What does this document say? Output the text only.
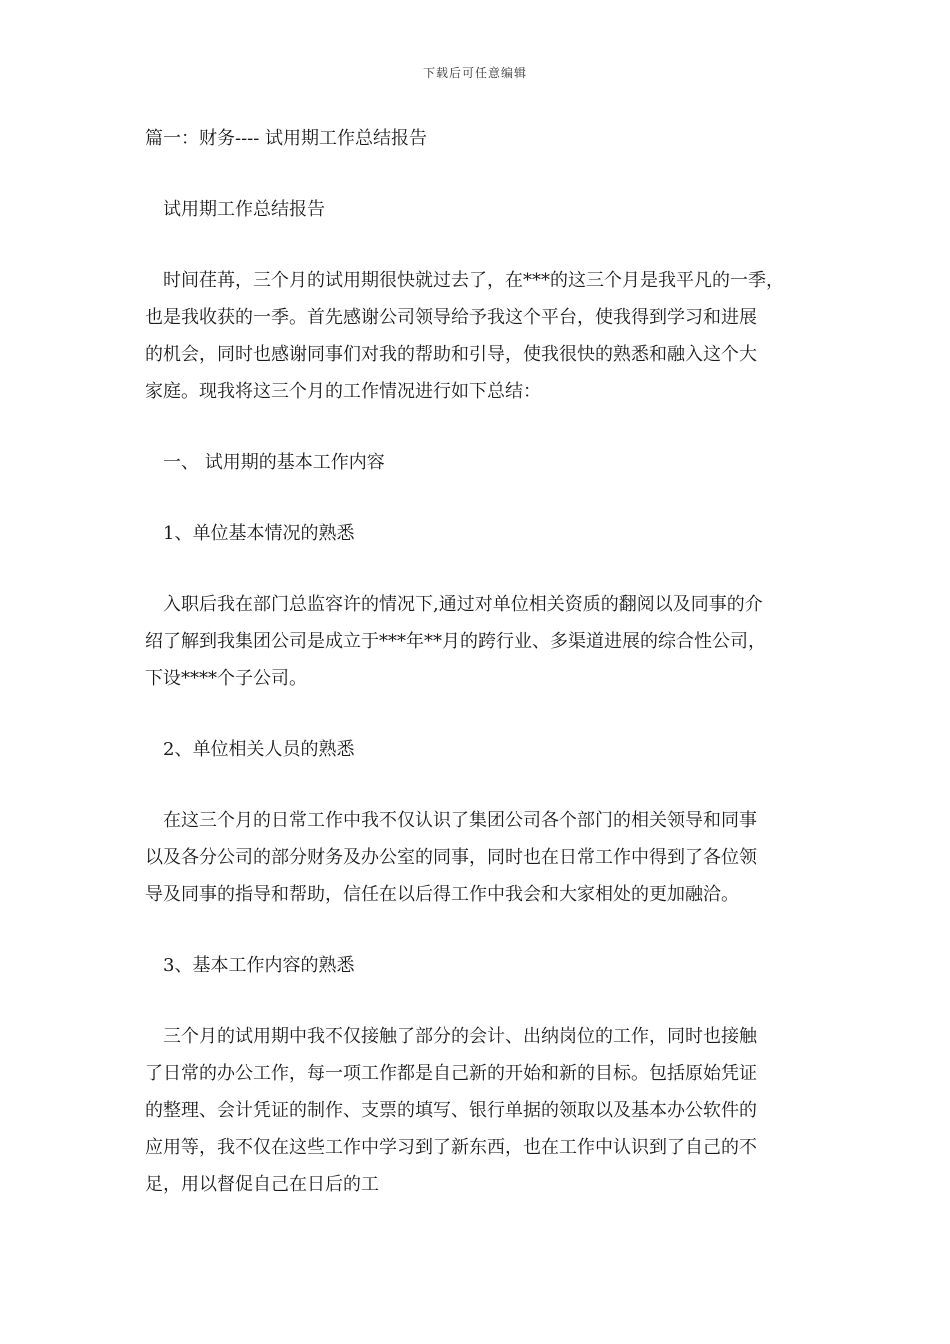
下载后可任意编辑
篇一：财务---- 试用期工作总结报告
试用期工作总结报告
时间荏苒，三个月的试用期很快就过去了，在***的这三个月是我平凡的一季，
也是我收获的一季。首先感谢公司领导给予我这个平台，使我得到学习和进展
的机会，同时也感谢同事们对我的帮助和引导，使我很快的熟悉和融入这个大
家庭。现我将这三个月的工作情况进行如下总结：
一、 试用期的基本工作内容
1、单位基本情况的熟悉
入职后我在部门总监容许的情况下,通过对单位相关资质的翻阅以及同事的介
绍了解到我集团公司是成立于***年**月的跨行业、多渠道进展的综合性公司，
下设****个子公司。
2、单位相关人员的熟悉
在这三个月的日常工作中我不仅认识了集团公司各个部门的相关领导和同事
以及各分公司的部分财务及办公室的同事，同时也在日常工作中得到了各位领
导及同事的指导和帮助，信任在以后得工作中我会和大家相处的更加融洽。
3、基本工作内容的熟悉
三个月的试用期中我不仅接触了部分的会计、出纳岗位的工作，同时也接触
了日常的办公工作，每一项工作都是自己新的开始和新的目标。包括原始凭证
的整理、会计凭证的制作、支票的填写、银行单据的领取以及基本办公软件的
应用等，我不仅在这些工作中学习到了新东西，也在工作中认识到了自己的不
足，用以督促自己在日后的工
